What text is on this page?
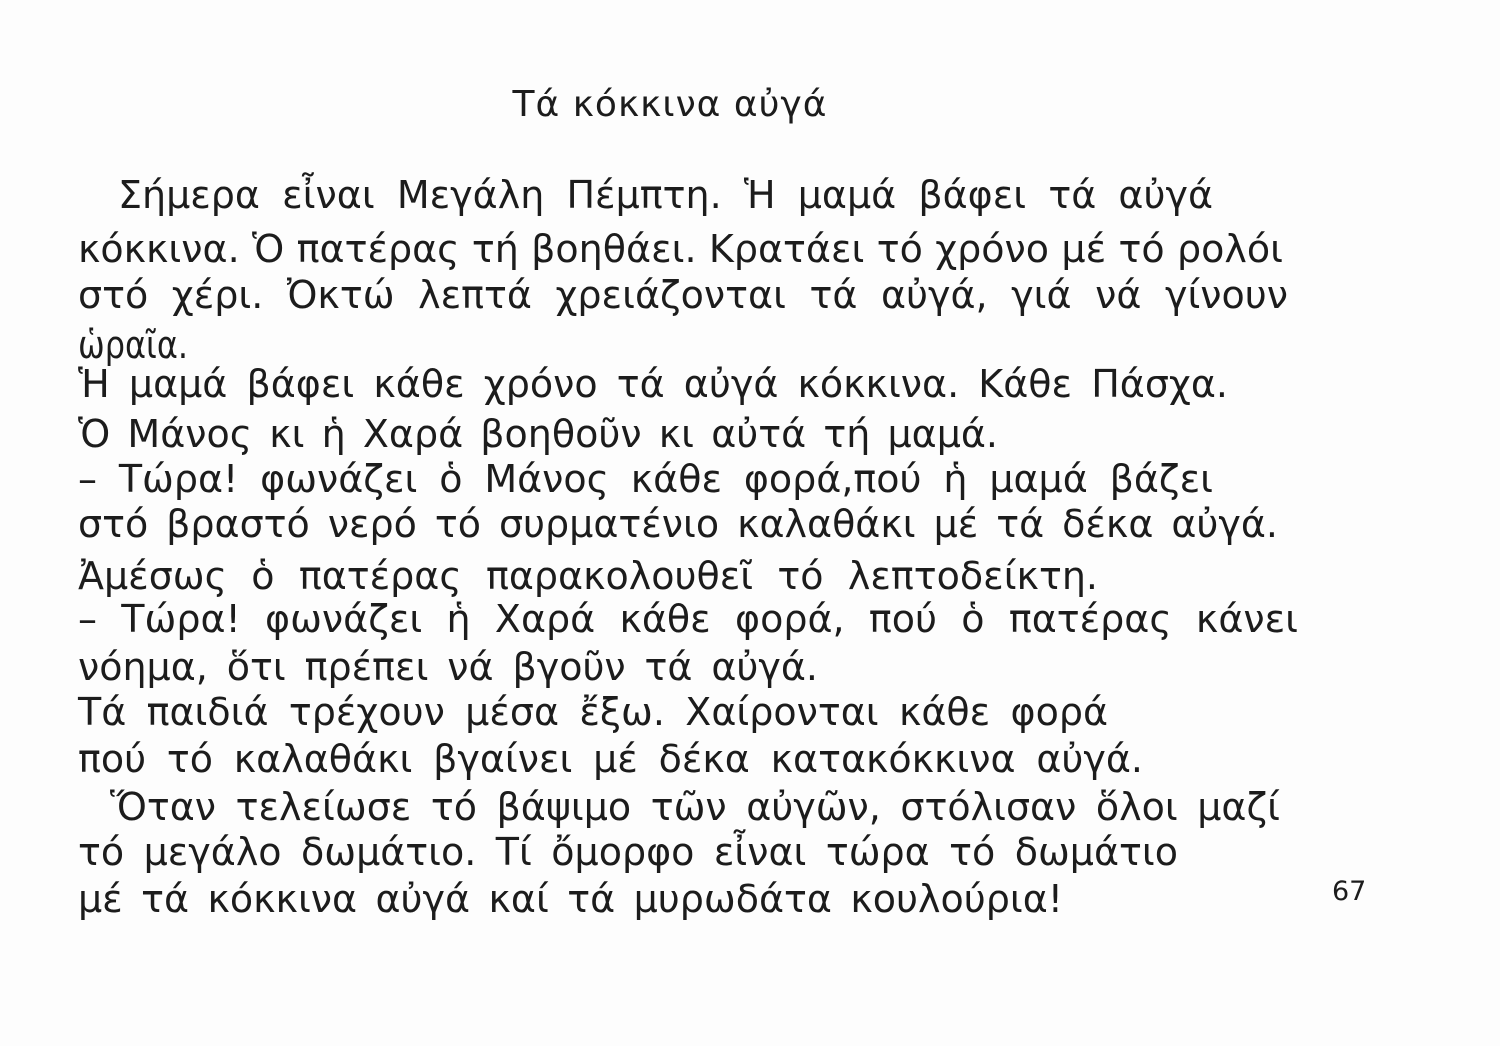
Τά κόκκινα αὐγά
Σήμερα εἶναι Μεγάλη Πέμπτη. Ἡ μαμά βάφει τά αὐγά
κόκκινα. Ὁ πατέρας τή βοηθάει. Κρατάει τό χρόνο μέ τό ρολόι
στό χέρι. Ὀκτώ λεπτά χρειάζονται τά αὐγά, γιά νά γίνουν
ὡραῖα.
Ἡ μαμά βάφει κάθε χρόνο τά αὐγά κόκκινα. Κάθε Πάσχα.
Ὁ Μάνος κι ἡ Χαρά βοηθοῦν κι αὐτά τή μαμά.
– Τώρα! φωνάζει ὁ Μάνος κάθε φορά,πού ἡ μαμά βάζει
στό βραστό νερό τό συρματένιο καλαθάκι μέ τά δέκα αὐγά.
Ἀμέσως ὁ πατέρας παρακολουθεῖ τό λεπτοδείκτη.
– Τώρα! φωνάζει ἡ Χαρά κάθε φορά, πού ὁ πατέρας κάνει
νόημα, ὅτι πρέπει νά βγοῦν τά αὐγά.
Τά παιδιά τρέχουν μέσα ἔξω. Χαίρονται κάθε φορά
πού τό καλαθάκι βγαίνει μέ δέκα κατακόκκινα αὐγά.
Ὅταν τελείωσε τό βάψιμο τῶν αὐγῶν, στόλισαν ὅλοι μαζί
τό μεγάλο δωμάτιο. Τί ὄμορφο εἶναι τώρα τό δωμάτιο
μέ τά κόκκινα αὐγά καί τά μυρωδάτα κουλούρια!	67
